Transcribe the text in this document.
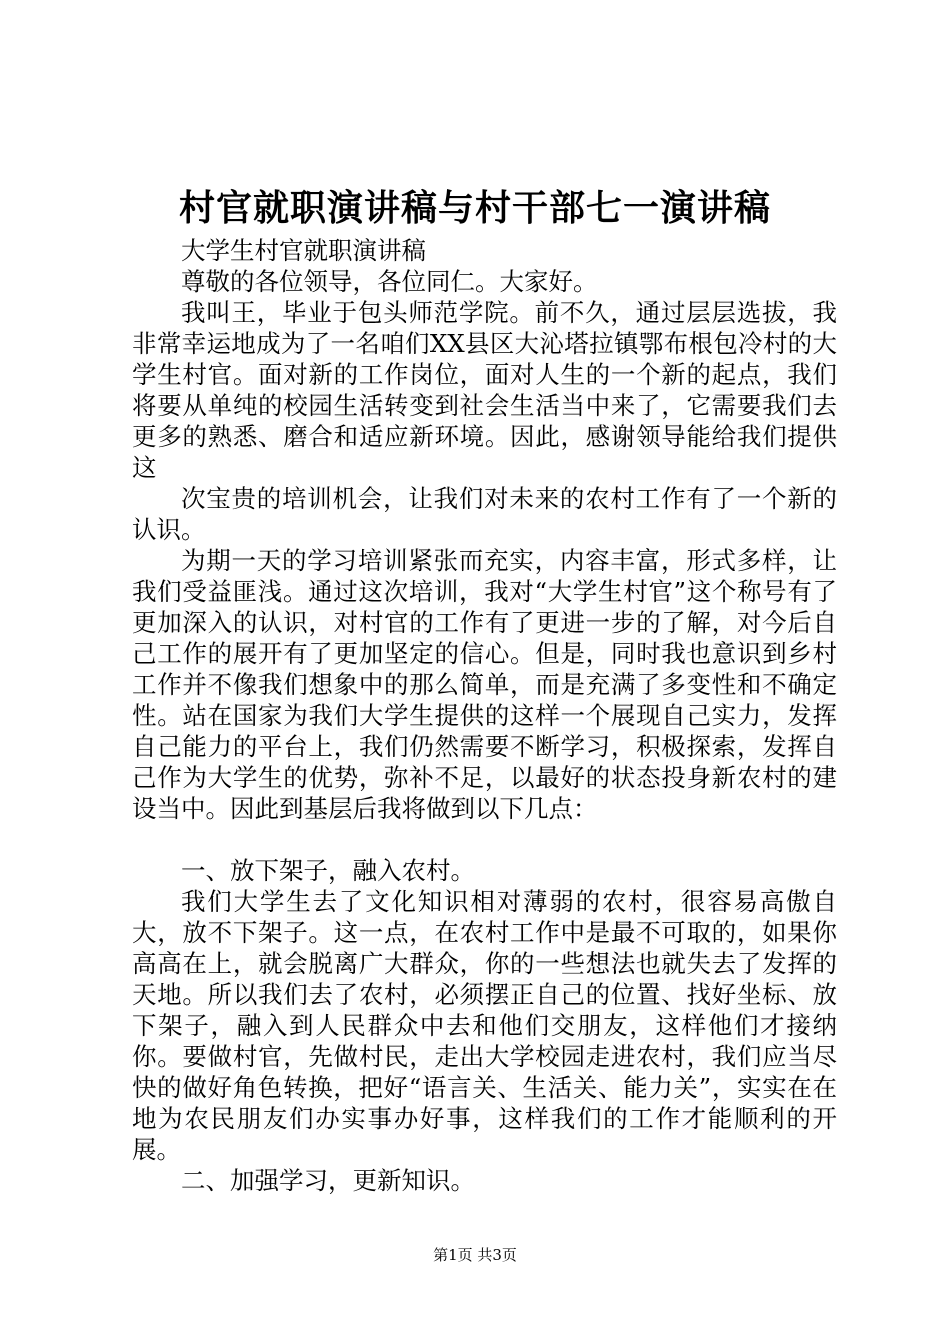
村官就职演讲稿与村干部七一演讲稿

大学生村官就职演讲稿

尊敬的各位领导，各位同仁。大家好。

我叫王，毕业于包头师范学院。前不久，通过层层选拔，我非常幸运地成为了一名咱们XX县区大沁塔拉镇鄂布根包冷村的大学生村官。面对新的工作岗位，面对人生的一个新的起点，我们将要从单纯的校园生活转变到社会生活当中来了，它需要我们去更多的熟悉、磨合和适应新环境。因此，感谢领导能给我们提供这

次宝贵的培训机会，让我们对未来的农村工作有了一个新的认识。

为期一天的学习培训紧张而充实，内容丰富，形式多样，让我们受益匪浅。通过这次培训，我对“大学生村官”这个称号有了更加深入的认识，对村官的工作有了更进一步的了解，对今后自己工作的展开有了更加坚定的信心。但是，同时我也意识到乡村工作并不像我们想象中的那么简单，而是充满了多变性和不确定性。站在国家为我们大学生提供的这样一个展现自己实力，发挥自己能力的平台上，我们仍然需要不断学习，积极探索，发挥自己作为大学生的优势，弥补不足，以最好的状态投身新农村的建设当中。因此到基层后我将做到以下几点：

一、放下架子，融入农村。

我们大学生去了文化知识相对薄弱的农村，很容易高傲自大，放不下架子。这一点，在农村工作中是最不可取的，如果你高高在上，就会脱离广大群众，你的一些想法也就失去了发挥的天地。所以我们去了农村，必须摆正自己的位置、找好坐标、放下架子，融入到人民群众中去和他们交朋友，这样他们才接纳你。要做村官，先做村民，走出大学校园走进农村，我们应当尽快的做好角色转换，把好“语言关、生活关、能力关”，实实在在地为农民朋友们办实事办好事，这样我们的工作才能顺利的开展。

二、加强学习，更新知识。

第1页 共3页
